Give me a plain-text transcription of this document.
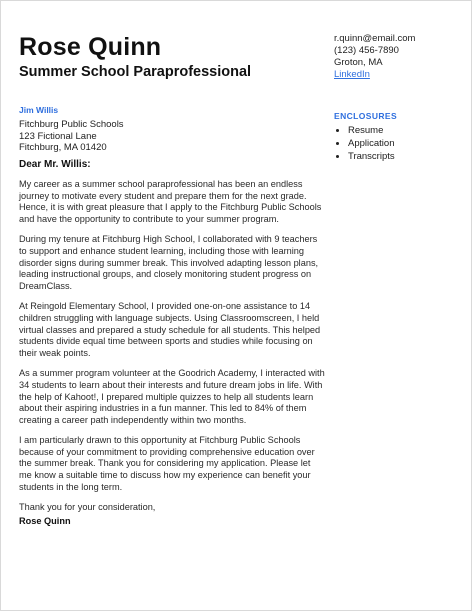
Rose Quinn
Summer School Paraprofessional
r.quinn@email.com
(123) 456-7890
Groton, MA
LinkedIn
ENCLOSURES
Resume
Application
Transcripts
Jim Willis
Fitchburg Public Schools
123 Fictional Lane
Fitchburg, MA 01420
Dear Mr. Willis:

My career as a summer school paraprofessional has been an endless journey to motivate every student and prepare them for the next grade. Hence, it is with great pleasure that I apply to the Fitchburg Public Schools and have the opportunity to contribute to your summer program.

During my tenure at Fitchburg High School, I collaborated with 9 teachers to support and enhance student learning, including those with learning disorder signs during summer break. This involved adapting lesson plans, leading instructional groups, and closely monitoring student progress on DreamClass.

At Reingold Elementary School, I provided one-on-one assistance to 14 children struggling with language subjects. Using Classroomscreen, I held virtual classes and prepared a study schedule for all students. This helped students divide equal time between sports and studies while focusing on their weak points.

As a summer program volunteer at the Goodrich Academy, I interacted with 34 students to learn about their interests and future dream jobs in life. With the help of Kahoot!, I prepared multiple quizzes to help all students learn about their aspiring industries in a fun manner. This led to 84% of them creating a career path independently within two months.

I am particularly drawn to this opportunity at Fitchburg Public Schools because of your commitment to providing comprehensive education over the summer break. Thank you for considering my application. Please let me know a suitable time to discuss how my experience can benefit your students in the long term.

Thank you for your consideration,
Rose Quinn
